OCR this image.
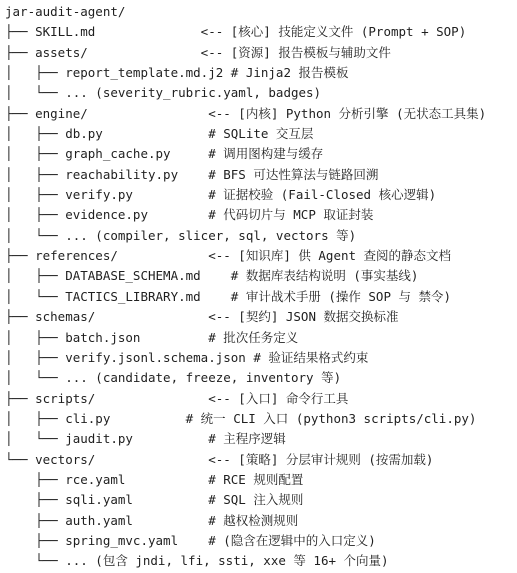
jar-audit-agent/
├── SKILL.md              <-- [核心] 技能定义文件 (Prompt + SOP)
├── assets/               <-- [资源] 报告模板与辅助文件
│   ├── report_template.md.j2 # Jinja2 报告模板
│   └── ... (severity_rubric.yaml, badges)
├── engine/                <-- [内核] Python 分析引擎 (无状态工具集)
│   ├── db.py              # SQLite 交互层
│   ├── graph_cache.py     # 调用图构建与缓存
│   ├── reachability.py    # BFS 可达性算法与链路回溯
│   ├── verify.py          # 证据校验 (Fail-Closed 核心逻辑)
│   ├── evidence.py        # 代码切片与 MCP 取证封装
│   └── ... (compiler, slicer, sql, vectors 等)
├── references/            <-- [知识库] 供 Agent 查阅的静态文档
│   ├── DATABASE_SCHEMA.md    # 数据库表结构说明 (事实基线)
│   └── TACTICS_LIBRARY.md    # 审计战术手册 (操作 SOP 与 禁令)
├── schemas/               <-- [契约] JSON 数据交换标准
│   ├── batch.json         # 批次任务定义
│   ├── verify.jsonl.schema.json # 验证结果格式约束
│   └── ... (candidate, freeze, inventory 等)
├── scripts/               <-- [入口] 命令行工具
│   ├── cli.py          # 统一 CLI 入口 (python3 scripts/cli.py)
│   └── jaudit.py          # 主程序逻辑
└── vectors/               <-- [策略] 分层审计规则 (按需加载)
├── rce.yaml           # RCE 规则配置
├── sqli.yaml          # SQL 注入规则
├── auth.yaml          # 越权检测规则
├── spring_mvc.yaml    # (隐含在逻辑中的入口定义)
└── ... (包含 jndi, lfi, ssti, xxe 等 16+ 个向量)
